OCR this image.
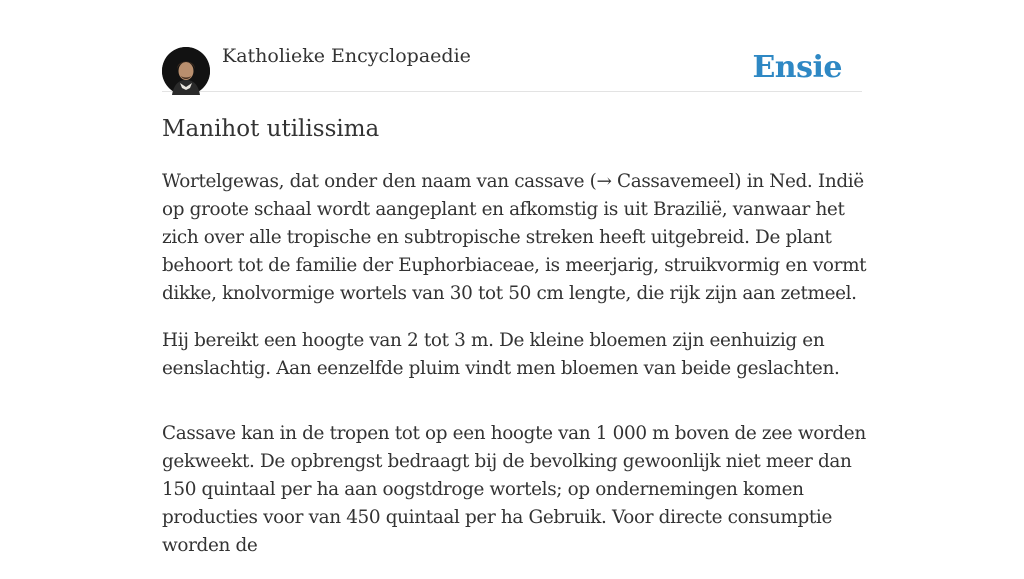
Katholieke Encyclopaedie	Ensie
Manihot utilissima

Wortelgewas, dat onder den naam van cassave (→ Cassavemeel) in Ned. Indië op groote schaal wordt aangeplant en afkomstig is uit Brazilië, vanwaar het zich over alle tropische en subtropische streken heeft uitgebreid. De plant behoort tot de familie der Euphorbiaceae, is meerjarig, struikvormig en vormt dikke, knolvormige wortels van 30 tot 50 cm lengte, die rijk zijn aan zetmeel.

Hij bereikt een hoogte van 2 tot 3 m. De kleine bloemen zijn eenhuizig en eenslachtig. Aan eenzelfde pluim vindt men bloemen van beide geslachten.

Cassave kan in de tropen tot op een hoogte van 1 000 m boven de zee worden gekweekt. De opbrengst bedraagt bij de bevolking gewoonlijk niet meer dan 150 quintaal per ha aan oogstdroge wortels; op ondernemingen komen producties voor van 450 quintaal per ha Gebruik. Voor directe consumptie worden de
